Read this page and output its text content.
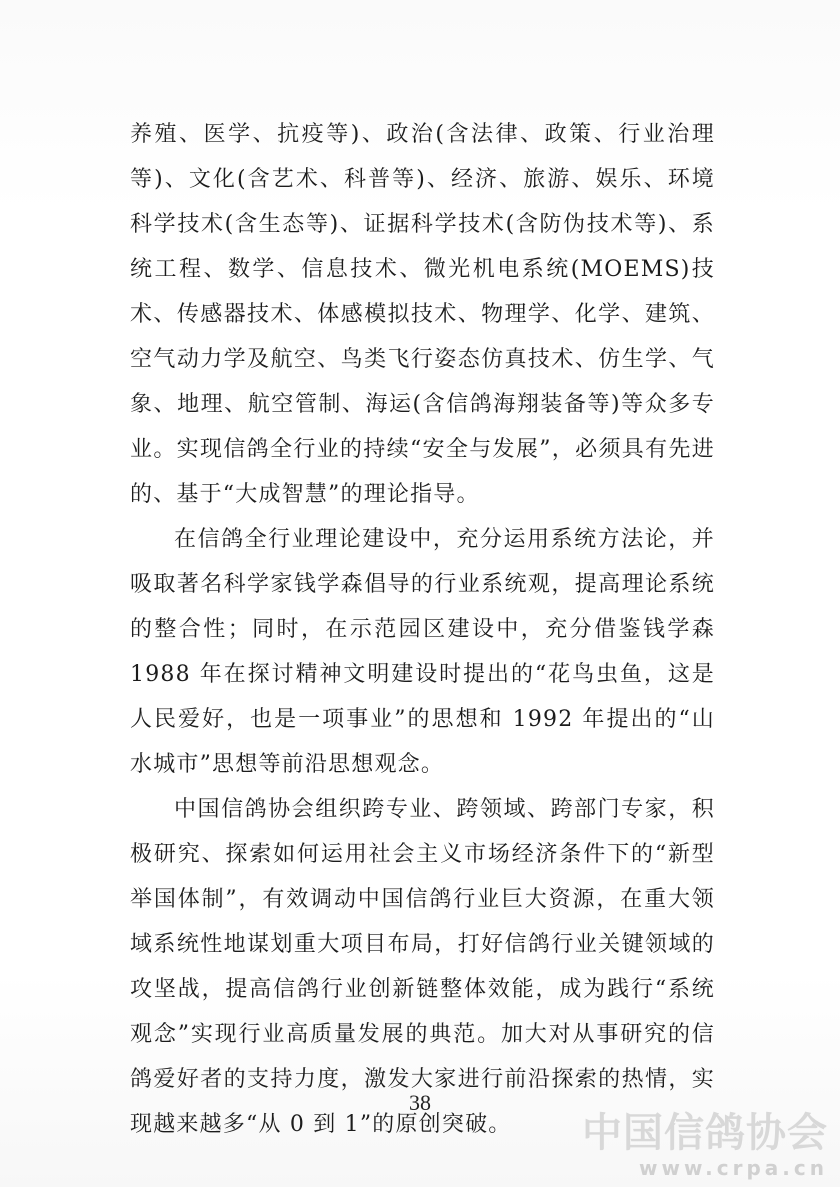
养殖、医学、抗疫等)、政治(含法律、政策、行业治理等)、文化(含艺术、科普等)、经济、旅游、娱乐、环境科学技术(含生态等)、证据科学技术(含防伪技术等)、系统工程、数学、信息技术、微光机电系统(MOEMS)技术、传感器技术、体感模拟技术、物理学、化学、建筑、空气动力学及航空、鸟类飞行姿态仿真技术、仿生学、气象、地理、航空管制、海运(含信鸽海翔装备等)等众多专业。实现信鸽全行业的持续“安全与发展”，必须具有先进的、基于“大成智慧”的理论指导。

在信鸽全行业理论建设中，充分运用系统方法论，并吸取著名科学家钱学森倡导的行业系统观，提高理论系统的整合性；同时，在示范园区建设中，充分借鉴钱学森 1988 年在探讨精神文明建设时提出的“花鸟虫鱼，这是人民爱好，也是一项事业”的思想和 1992 年提出的“山水城市”思想等前沿思想观念。

中国信鸽协会组织跨专业、跨领域、跨部门专家，积极研究、探索如何运用社会主义市场经济条件下的“新型举国体制”，有效调动中国信鸽行业巨大资源，在重大领域系统性地谋划重大项目布局，打好信鸽行业关键领域的攻坚战，提高信鸽行业创新链整体效能，成为践行“系统观念”实现行业高质量发展的典范。加大对从事研究的信鸽爱好者的支持力度，激发大家进行前沿探索的热情，实现越来越多“从 0 到 1”的原创突破。

38
中国信鸽协会
www.crpa.cn
